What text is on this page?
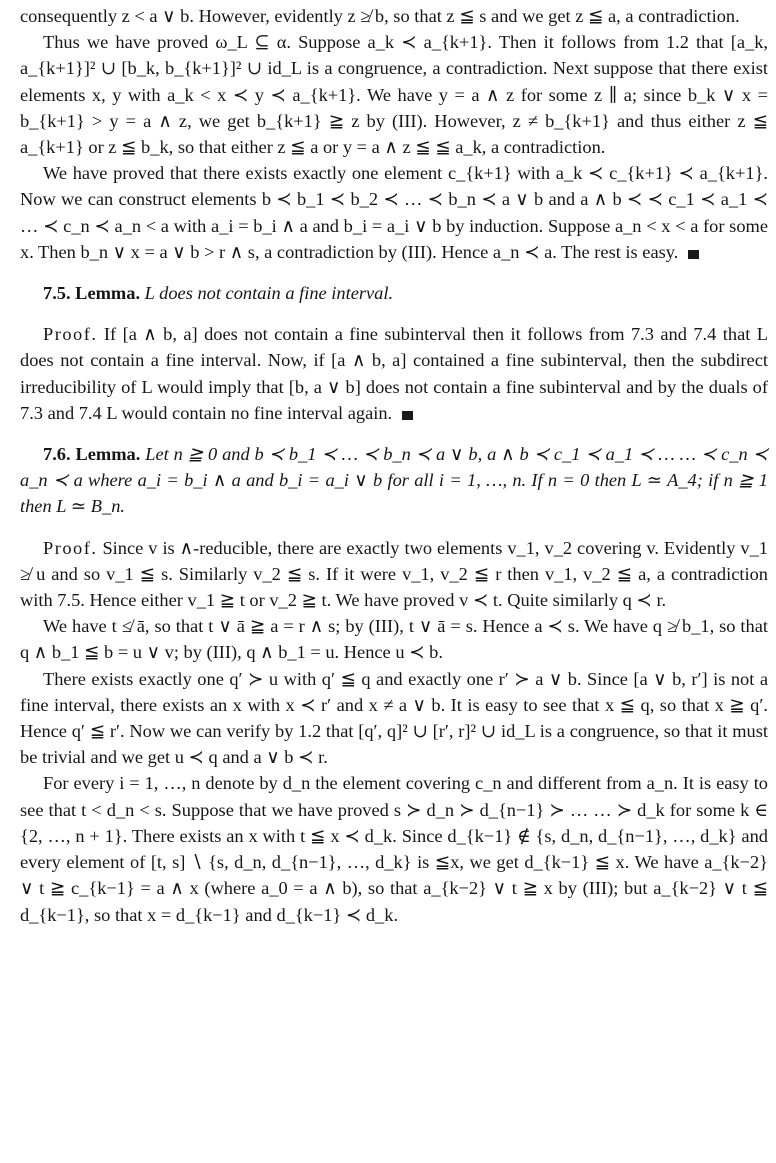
consequently z < a ∨ b. However, evidently z ≱ b, so that z ≦ s and we get z ≦ a, a contradiction.

Thus we have proved ω_L ⊆ α. Suppose a_k ≺ a_{k+1}. Then it follows from 1.2 that [a_k, a_{k+1}]² ∪ [b_k, b_{k+1}]² ∪ id_L is a congruence, a contradiction. Next suppose that there exist elements x, y with a_k < x ≺ y ≺ a_{k+1}. We have y = a ∧ z for some z ∥ a; since b_k ∨ x = b_{k+1} > y = a ∧ z, we get b_{k+1} ≧ z by (III). However, z ≠ b_{k+1} and thus either z ≦ a_{k+1} or z ≦ b_k, so that either z ≦ a or y = a ∧ z ≦ ≦ a_k, a contradiction.

We have proved that there exists exactly one element c_{k+1} with a_k ≺ c_{k+1} ≺ a_{k+1}. Now we can construct elements b ≺ b_1 ≺ b_2 ≺ … ≺ b_n ≺ a ∨ b and a ∧ b ≺ ≺ c_1 ≺ a_1 ≺ … ≺ c_n ≺ a_n < a with a_i = b_i ∧ a and b_i = a_i ∨ b by induction. Suppose a_n < x < a for some x. Then b_n ∨ x = a ∨ b > r ∧ s, a contradiction by (III). Hence a_n ≺ a. The rest is easy.

7.5. Lemma. L does not contain a fine interval.

Proof. If [a ∧ b, a] does not contain a fine subinterval then it follows from 7.3 and 7.4 that L does not contain a fine interval. Now, if [a ∧ b, a] contained a fine subinterval, then the subdirect irreducibility of L would imply that [b, a ∨ b] does not contain a fine subinterval and by the duals of 7.3 and 7.4 L would contain no fine interval again.

7.6. Lemma. Let n ≧ 0 and b ≺ b_1 ≺ … ≺ b_n ≺ a ∨ b, a ∧ b ≺ c_1 ≺ a_1 ≺ … … ≺ c_n ≺ a_n ≺ a where a_i = b_i ∧ a and b_i = a_i ∨ b for all i = 1, …, n. If n = 0 then L ≃ A_4; if n ≧ 1 then L ≃ B_n.

Proof. Since v is ∧-reducible, there are exactly two elements v_1, v_2 covering v. Evidently v_1 ≱ u and so v_1 ≦ s. Similarly v_2 ≦ s. If it were v_1, v_2 ≦ r then v_1, v_2 ≦ a, a contradiction with 7.5. Hence either v_1 ≧ t or v_2 ≧ t. We have proved v ≺ t. Quite similarly q ≺ r.

We have t ≰ ā, so that t ∨ ā ≧ a = r ∧ s; by (III), t ∨ ā = s. Hence a ≺ s. We have q ≱ b_1, so that q ∧ b_1 ≦ b = u ∨ v; by (III), q ∧ b_1 = u. Hence u ≺ b.

There exists exactly one q′ ≻ u with q′ ≦ q and exactly one r′ ≻ a ∨ b. Since [a ∨ b, r′] is not a fine interval, there exists an x with x ≺ r′ and x ≠ a ∨ b. It is easy to see that x ≦ q, so that x ≧ q′. Hence q′ ≦ r′. Now we can verify by 1.2 that [q′, q]² ∪ [r′, r]² ∪ id_L is a congruence, so that it must be trivial and we get u ≺ q and a ∨ b ≺ r.

For every i = 1, …, n denote by d_n the element covering c_n and different from a_n. It is easy to see that t < d_n < s. Suppose that we have proved s ≻ d_n ≻ d_{n−1} ≻ … … ≻ d_k for some k ∈ {2, …, n + 1}. There exists an x with t ≦ x ≺ d_k. Since d_{k−1} ∉ {s, d_n, d_{n−1}, …, d_k} and every element of [t, s] ∖ {s, d_n, d_{n−1}, …, d_k} is ≦x, we get d_{k−1} ≦ x. We have a_{k−2} ∨ t ≧ c_{k−1} = a ∧ x (where a_0 = a ∧ b), so that a_{k−2} ∨ t ≧ x by (III); but a_{k−2} ∨ t ≦ d_{k−1}, so that x = d_{k−1} and d_{k−1} ≺ d_k.
